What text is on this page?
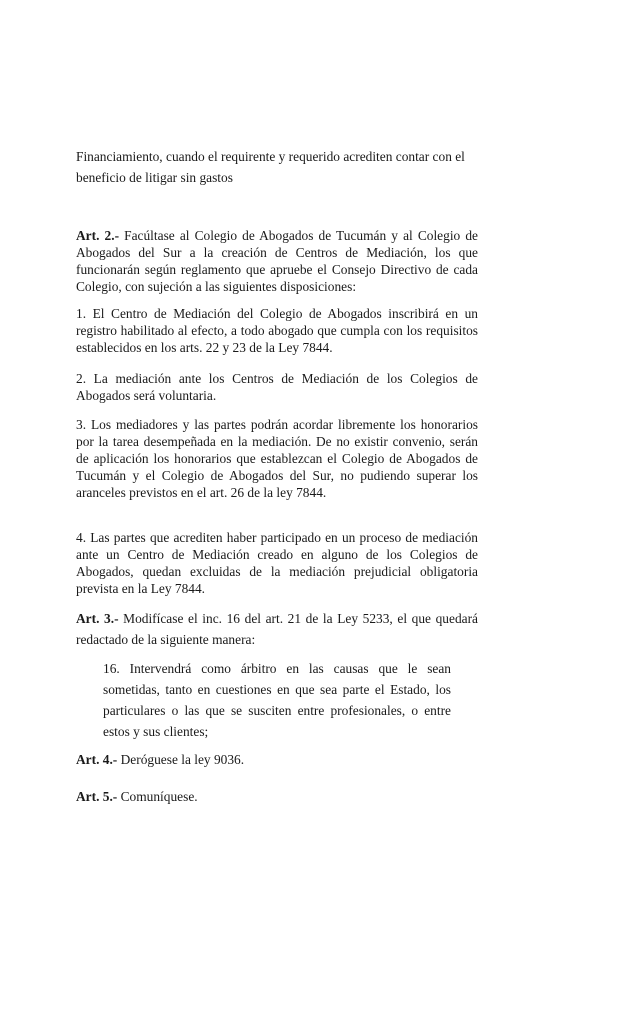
Financiamiento, cuando el requirente y requerido acrediten contar con el beneficio de litigar sin gastos

Art. 2.- Facúltase al Colegio de Abogados de Tucumán y al Colegio de Abogados del Sur a la creación de Centros de Mediación, los que funcionarán según reglamento que apruebe el Consejo Directivo de cada Colegio, con sujeción a las siguientes disposiciones:

1. El Centro de Mediación del Colegio de Abogados inscribirá en un registro habilitado al efecto, a todo abogado que cumpla con los requisitos establecidos en los arts. 22 y 23 de la Ley 7844.

2. La mediación ante los Centros de Mediación de los Colegios de Abogados será voluntaria.

3. Los mediadores y las partes podrán acordar libremente los honorarios por la tarea desempeñada en la mediación. De no existir convenio, serán de aplicación los honorarios que establezcan el Colegio de Abogados de Tucumán y el Colegio de Abogados del Sur, no pudiendo superar los aranceles previstos en el art. 26 de la ley 7844.

4. Las partes que acrediten haber participado en un proceso de mediación ante un Centro de Mediación creado en alguno de los Colegios de Abogados, quedan excluidas de la mediación prejudicial obligatoria prevista en la Ley 7844.

Art. 3.- Modifícase el inc. 16 del art. 21 de la Ley 5233, el que quedará redactado de la siguiente manera:

16. Intervendrá como árbitro en las causas que le sean sometidas, tanto en cuestiones en que sea parte el Estado, los particulares o las que se susciten entre profesionales, o entre estos y sus clientes;

Art. 4.- Deróguese la ley 9036.

Art. 5.- Comuníquese.
